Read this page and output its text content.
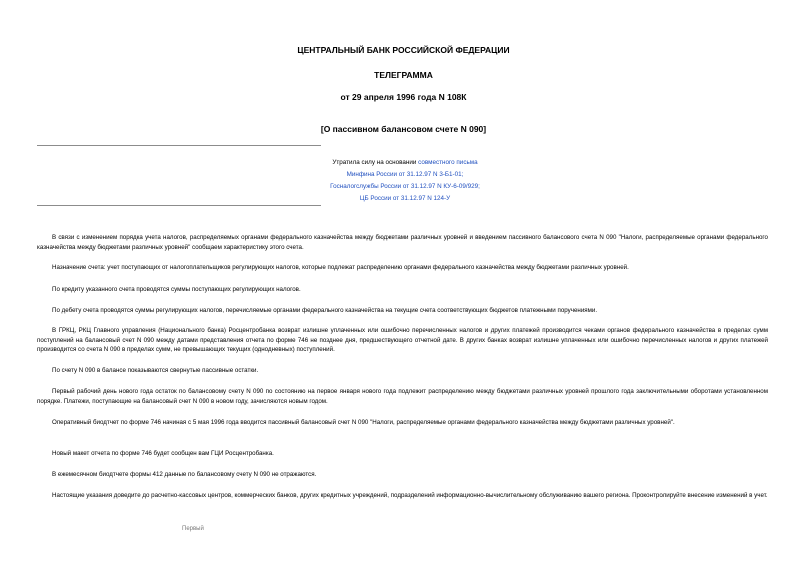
ЦЕНТРАЛЬНЫЙ БАНК РОССИЙСКОЙ ФЕДЕРАЦИИ
ТЕЛЕГРАММА
от 29 апреля 1996 года N 108К
[О пассивном балансовом счете N 090]
Утратила силу на основании совместного письма
Минфина России от 31.12.97 N 3-Б1-01;
Госналогслужбы России от 31.12.97 N КУ-6-09/929;
ЦБ России от 31.12.97 N 124-У

В связи с изменением порядка учета налогов, распределяемых органами федерального казначейства между бюджетами различных уровней и введением пассивного балансового счета N 090 "Налоги, распределяемые органами федерального казначейства между бюджетами различных уровней" сообщаем характеристику этого счета.

Назначение счета: учет поступающих от налогоплательщиков регулирующих налогов, которые подлежат распределению органами федерального казначейства между бюджетами различных уровней.

По кредиту указанного счета проводятся суммы поступающих регулирующих налогов.

По дебету счета проводятся суммы регулирующих налогов, перечисляемые органами федерального казначейства на текущие счета соответствующих бюджетов платежными поручениями.

В ГРКЦ, РКЦ Главного управления (Национального банка) Росцентробанка возврат излишне уплаченных или ошибочно перечисленных налогов и других платежей производится чеками органов федерального казначейства в пределах сумм поступлений на балансовый счет N 090 между датами представления отчета по форме 746 не позднее дня, предшествующего отчетной дате. В других банках возврат излишне уплаченных или ошибочно перечисленных налогов и других платежей производится со счета N 090 в пределах сумм, не превышающих текущих (однодневных) поступлений.

По счету N 090 в балансе показываются свернутые пассивные остатки.

Первый рабочий день нового года остаток по балансовому счету N 090 по состоянию на первое января нового года подлежит распределению между бюджетами различных уровней прошлого года заключительными оборотами установленном порядке. Платежи, поступающие на балансовый счет N 090 в новом году, зачисляются новым годом.

Оперативный биодтчет по форме 746 начиная с 5 мая 1996 года вводится пассивный балансовый счет N 090 "Налоги, распределяемые органами федерального казначейства между бюджетами различных уровней".

Новый макет отчета по форме 746 будет сообщен вам ГЦИ Росцентробанка.

В ежемесячном биодтчете формы 412 данные по балансовому счету N 090 не отражаются.

Настоящие указания доведите до расчетно-кассовых центров, коммерческих банков, других кредитных учреждений, подразделений информационно-вычислительному обслуживанию вашего региона. Проконтролируйте внесение изменений в учет.

Первый
